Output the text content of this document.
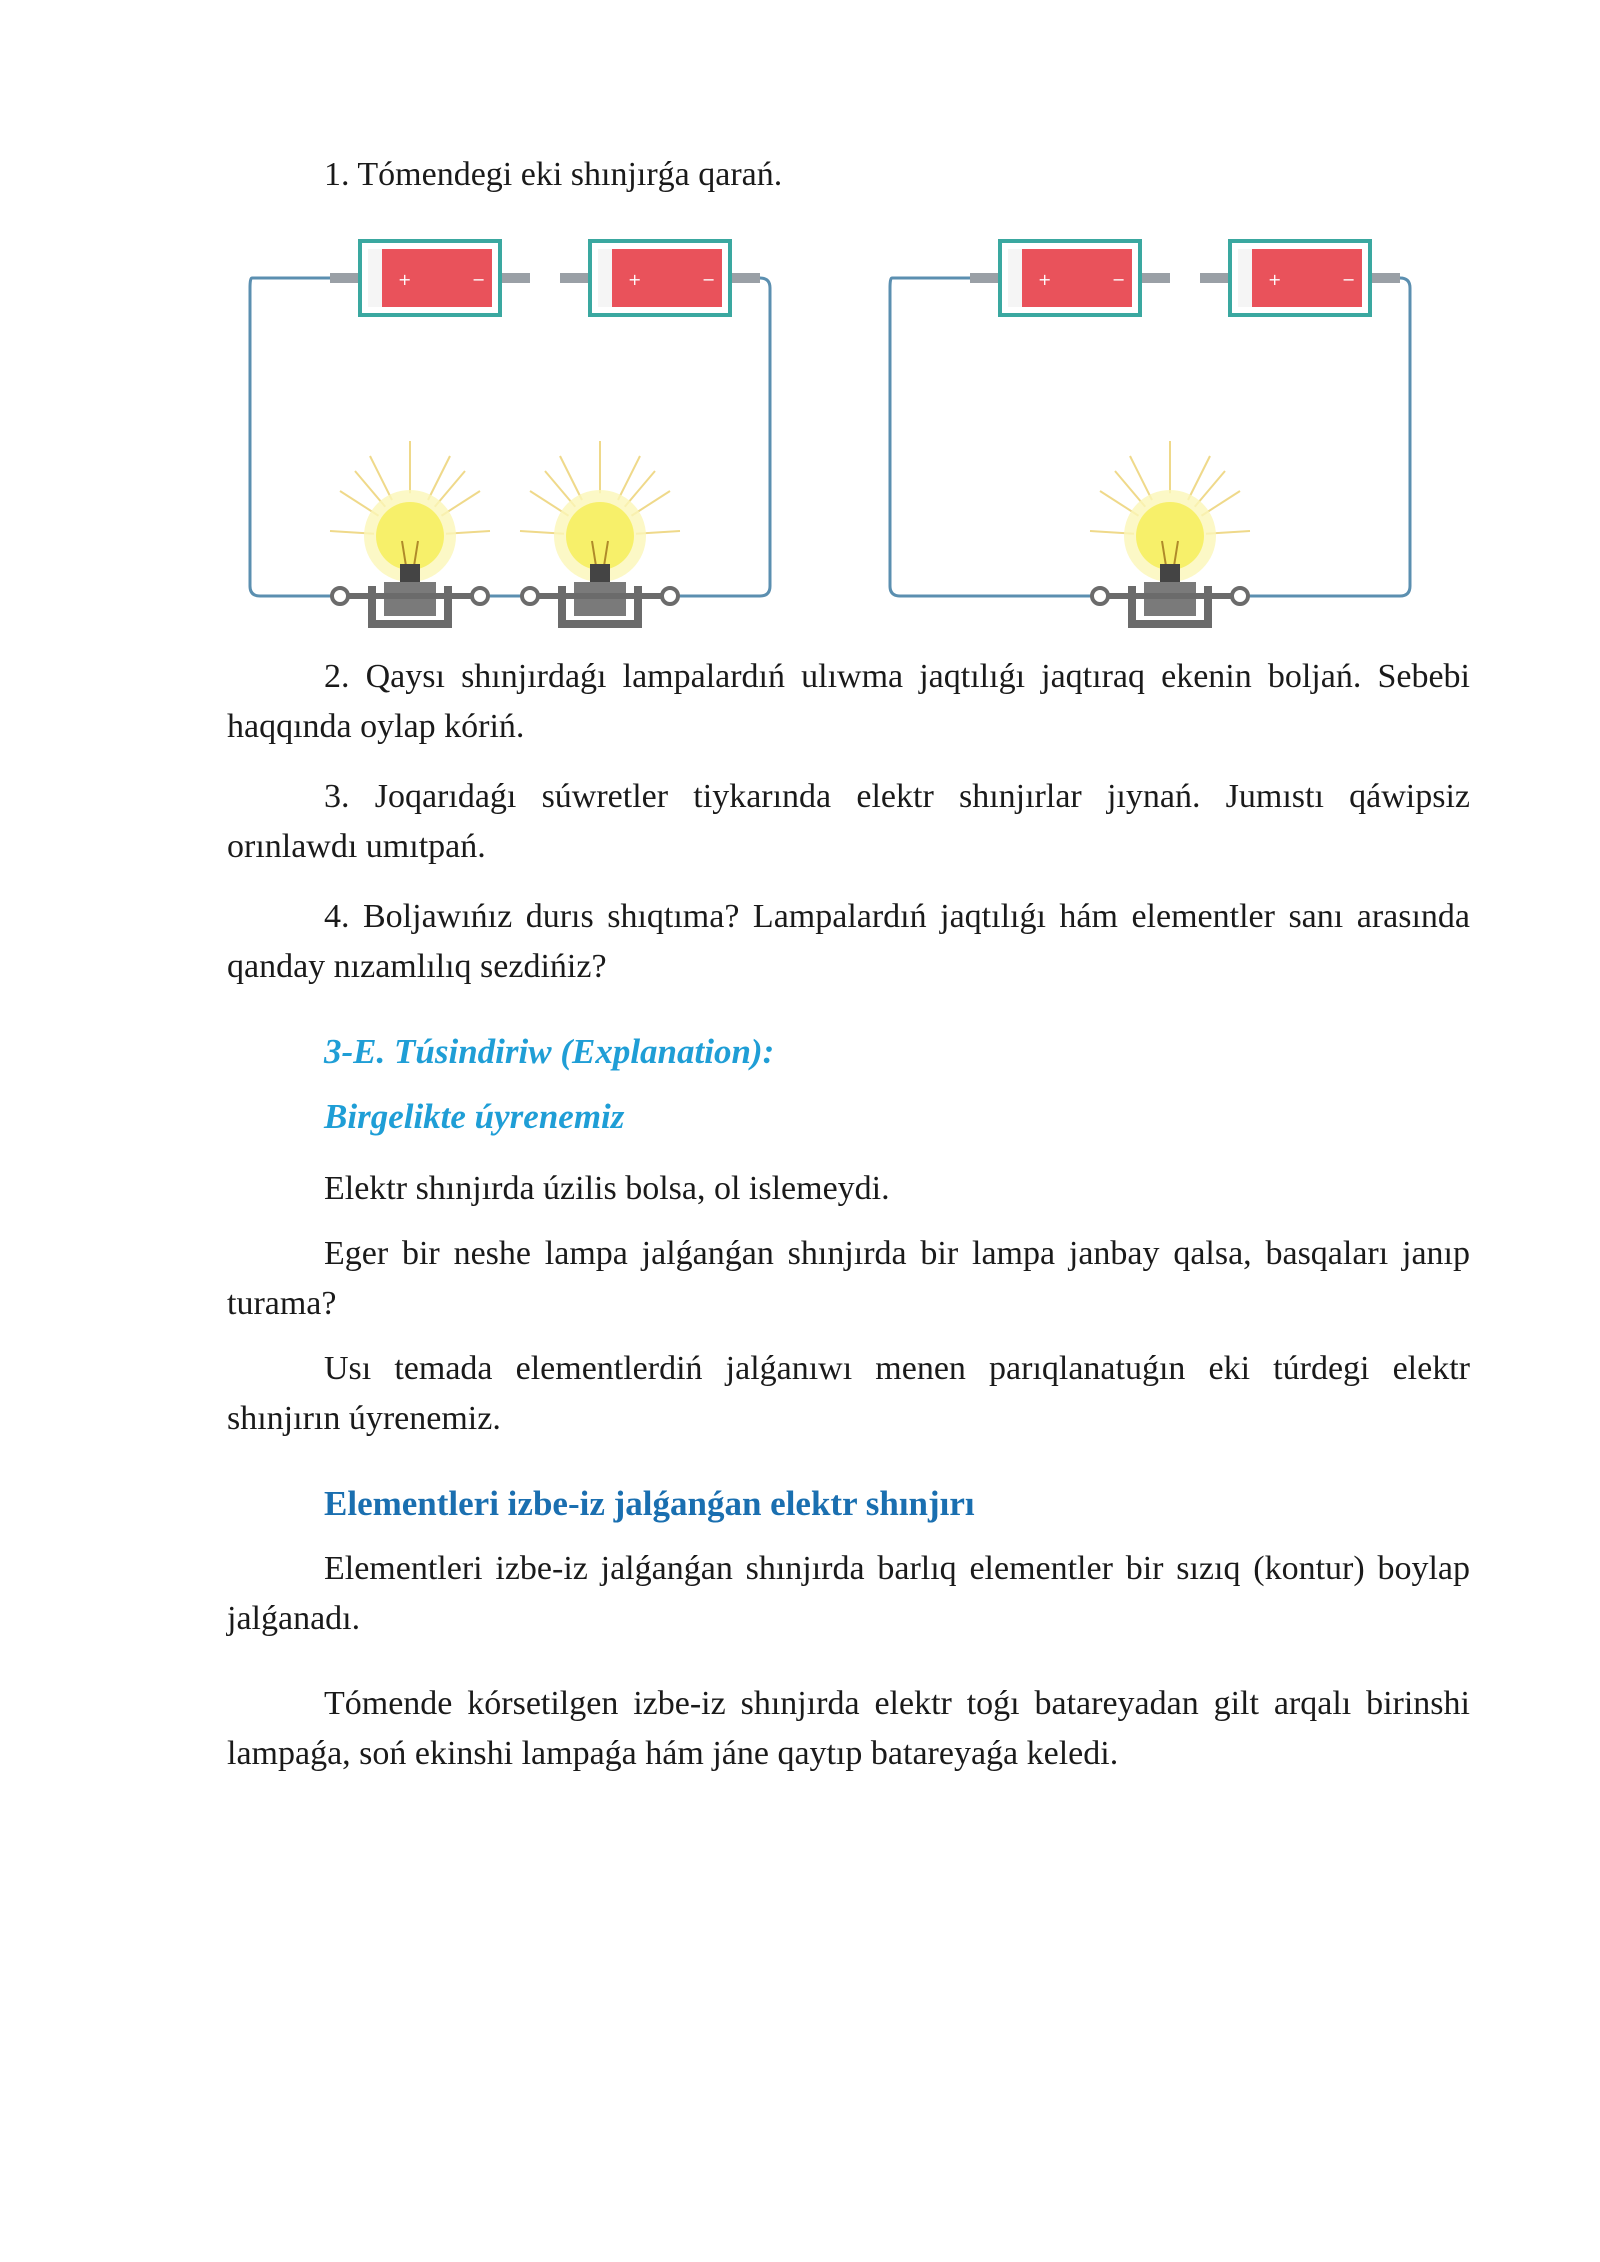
1. Tómendegi eki shınjırǵa qarań.

+	−	+	−	+	−	+	−

2. Qaysı shınjırdaǵı lampalardıń ulıwma jaqtılıǵı jaqtıraq ekenin boljań. Sebebi haqqında oylap kóriń.

3. Joqarıdaǵı súwretler tiykarında elektr shınjırlar jıynań. Jumıstı qáwipsiz orınlawdı umıtpań.

4. Boljawıńız durıs shıqtıma? Lampalardıń jaqtılıǵı hám elementler sanı arasında qanday nızamlılıq sezdińiz?

3-E. Túsindiriw (Explanation):

Birgelikte úyrenemiz

Elektr shınjırda úzilis bolsa, ol islemeydi.

Eger bir neshe lampa jalǵanǵan shınjırda bir lampa janbay qalsa, basqaları janıp turama?

Usı temada elementlerdiń jalǵanıwı menen parıqlanatuǵın eki túrdegi elektr shınjırın úyrenemiz.

Elementleri izbe-iz jalǵanǵan elektr shınjırı

Elementleri izbe-iz jalǵanǵan shınjırda barlıq elementler bir sızıq (kontur) boylap jalǵanadı.

Tómende kórsetilgen izbe-iz shınjırda elektr toǵı batareyadan gilt arqalı birinshi lampaǵa, soń ekinshi lampaǵa hám jáne qaytıp batareyaǵa keledi.
